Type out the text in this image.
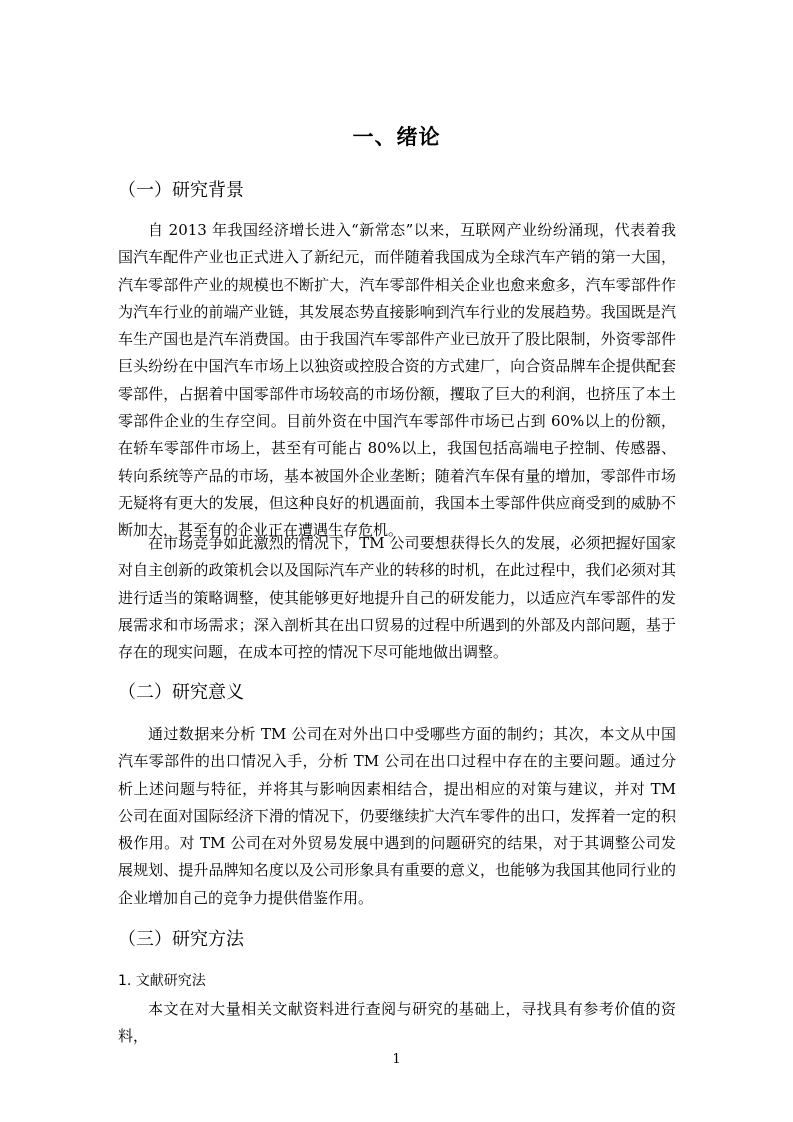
一、绪论
（一）研究背景

自 2013 年我国经济增长进入“新常态”以来，互联网产业纷纷涌现，代表着我国汽车配件产业也正式进入了新纪元，而伴随着我国成为全球汽车产销的第一大国，汽车零部件产业的规模也不断扩大，汽车零部件相关企业也愈来愈多，汽车零部件作为汽车行业的前端产业链，其发展态势直接影响到汽车行业的发展趋势。我国既是汽车生产国也是汽车消费国。由于我国汽车零部件产业已放开了股比限制，外资零部件巨头纷纷在中国汽车市场上以独资或控股合资的方式建厂，向合资品牌车企提供配套零部件，占据着中国零部件市场较高的市场份额，攫取了巨大的利润，也挤压了本土零部件企业的生存空间。目前外资在中国汽车零部件市场已占到 60%以上的份额，在轿车零部件市场上，甚至有可能占 80%以上，我国包括高端电子控制、传感器、转向系统等产品的市场，基本被国外企业垄断；随着汽车保有量的增加，零部件市场无疑将有更大的发展，但这种良好的机遇面前，我国本土零部件供应商受到的威胁不断加大，甚至有的企业正在遭遇生存危机。

在市场竞争如此激烈的情况下，TM 公司要想获得长久的发展，必须把握好国家对自主创新的政策机会以及国际汽车产业的转移的时机，在此过程中，我们必须对其进行适当的策略调整，使其能够更好地提升自己的研发能力，以适应汽车零部件的发展需求和市场需求；深入剖析其在出口贸易的过程中所遇到的外部及内部问题，基于存在的现实问题，在成本可控的情况下尽可能地做出调整。

（二）研究意义

通过数据来分析 TM 公司在对外出口中受哪些方面的制约；其次，本文从中国汽车零部件的出口情况入手，分析 TM 公司在出口过程中存在的主要问题。通过分析上述问题与特征，并将其与影响因素相结合，提出相应的对策与建议，并对 TM 公司在面对国际经济下滑的情况下，仍要继续扩大汽车零件的出口，发挥着一定的积极作用。对 TM 公司在对外贸易发展中遇到的问题研究的结果，对于其调整公司发展规划、提升品牌知名度以及公司形象具有重要的意义，也能够为我国其他同行业的企业增加自己的竞争力提供借鉴作用。

（三）研究方法
1. 文献研究法

本文在对大量相关文献资料进行查阅与研究的基础上，寻找具有参考价值的资料，

1
